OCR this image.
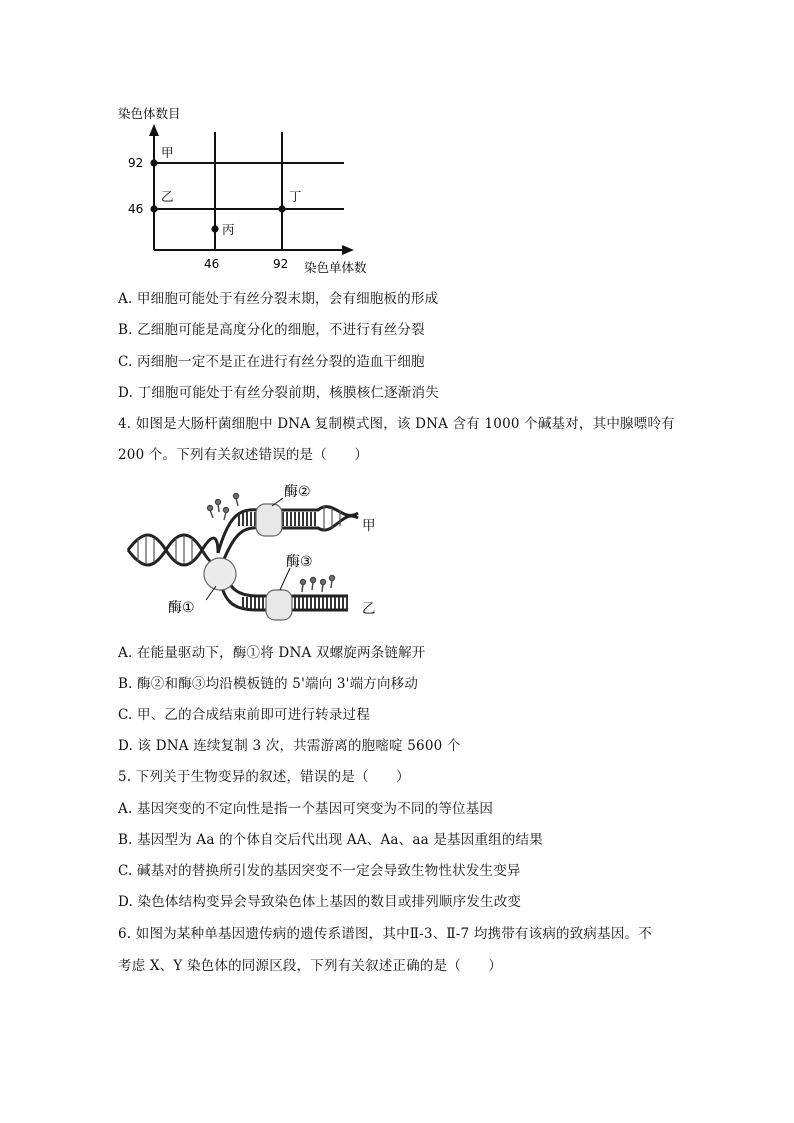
染色体数目
染色单体数
92
46
46	92
甲
乙
丙
丁
A. 甲细胞可能处于有丝分裂末期，会有细胞板的形成
B. 乙细胞可能是高度分化的细胞，不进行有丝分裂
C. 丙细胞一定不是正在进行有丝分裂的造血干细胞
D. 丁细胞可能处于有丝分裂前期，核膜核仁逐渐消失
4. 如图是大肠杆菌细胞中 DNA 复制模式图，该 DNA 含有 1000 个碱基对，其中腺嘌呤有
200 个。下列有关叙述错误的是（　　）
酶①
酶②
酶③
甲
乙
A. 在能量驱动下，酶①将 DNA 双螺旋两条链解开
B. 酶②和酶③均沿模板链的 5'端向 3'端方向移动
C. 甲、乙的合成结束前即可进行转录过程
D. 该 DNA 连续复制 3 次，共需游离的胞嘧啶 5600 个
5. 下列关于生物变异的叙述，错误的是（　　）
A. 基因突变的不定向性是指一个基因可突变为不同的等位基因
B. 基因型为 Aa 的个体自交后代出现 AA、Aa、aa 是基因重组的结果
C. 碱基对的替换所引发的基因突变不一定会导致生物性状发生变异
D. 染色体结构变异会导致染色体上基因的数目或排列顺序发生改变
6. 如图为某种单基因遗传病的遗传系谱图，其中Ⅱ-3、Ⅱ-7 均携带有该病的致病基因。不
考虑 X、Y 染色体的同源区段，下列有关叙述正确的是（　　）
